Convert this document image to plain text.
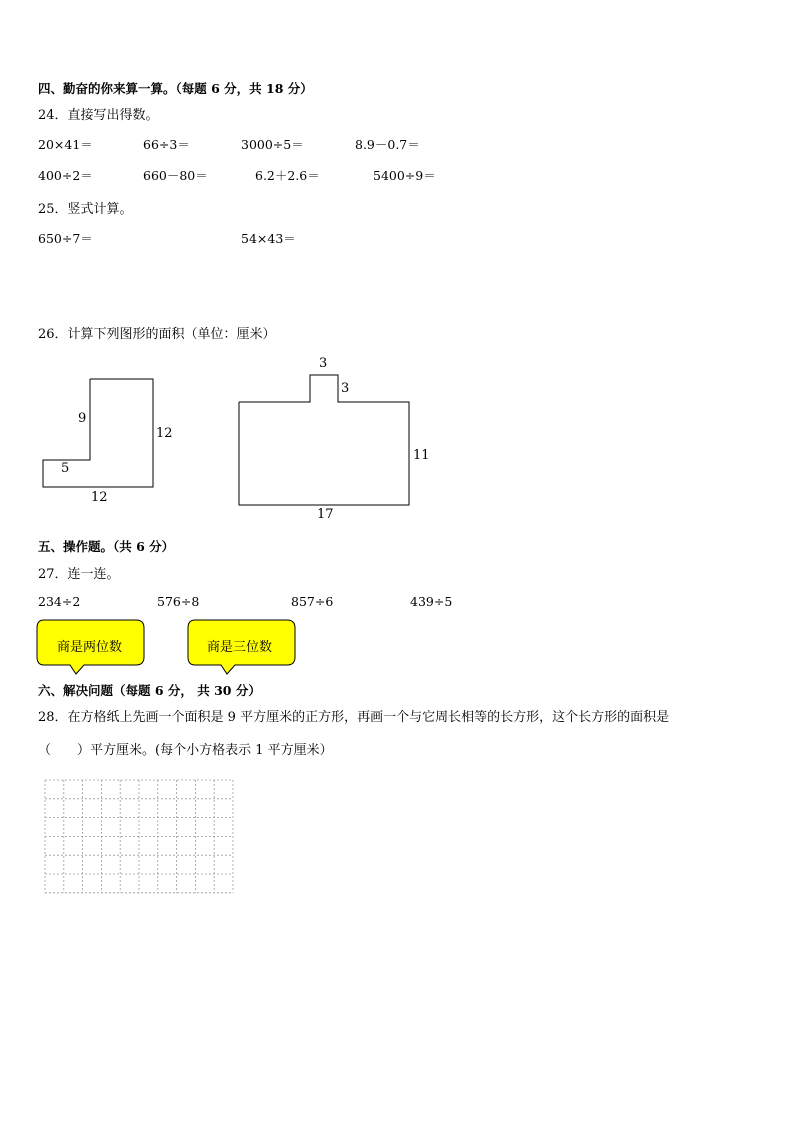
四、勤奋的你来算一算。（每题 6 分，共 18 分）
24．直接写出得数。
20×41＝	66÷3＝	3000÷5＝	8.9－0.7＝
400÷2＝	660－80＝	6.2＋2.6＝	5400÷9＝
25．竖式计算。
650÷7＝	54×43＝
26．计算下列图形的面积（单位：厘米）
9
12
5
12
3
3
11
17
五、操作题。（共 6 分）
27．连一连。
234÷2	576÷8	857÷6	439÷5
商是两位数	商是三位数
六、解决问题（每题 6 分， 共 30 分）
28．在方格纸上先画一个面积是 9 平方厘米的正方形，再画一个与它周长相等的长方形，这个长方形的面积是
（　　）平方厘米。(每个小方格表示 1 平方厘米）
